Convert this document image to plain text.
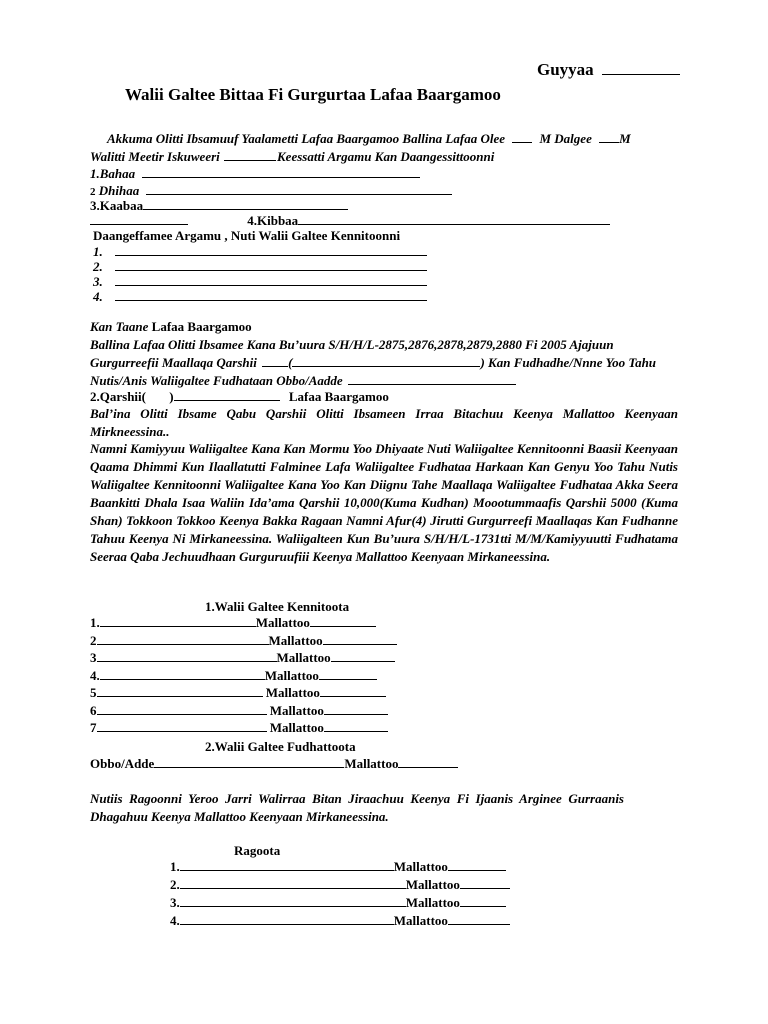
Guyyaa
Walii Galtee Bittaa Fi Gurgurtaa Lafaa Baargamoo
Akkuma Olitti Ibsamuuf Yaalametti Lafaa Baargamoo Ballina Lafaa Olee	M Dalgee M
Walitti Meetir Iskuweeri	Keessatti Argamu Kan Daangessittoonni
1.Bahaa
2 Dhihaa
3.Kaabaa
4.Kibbaa
Daangeffamee Argamu , Nuti Walii Galtee Kennitoonni
1.
2.
3.
4.
Kan Taane Lafaa Baargamoo
Ballina Lafaa Olitti Ibsamee Kana Bu’uura S/H/H/L-2875,2876,2878,2879,2880 Fi 2005 Ajajuun
Gurgurreefii Maallaqa Qarshii (	) Kan Fudhadhe/Nnne Yoo Tahu
Nutis/Anis Waliigaltee Fudhataan Obbo/Aadde
2.Qarshii( )	Lafaa Baargamoo
Bal’ina Olitti Ibsame Qabu Qarshii Olitti Ibsameen Irraa Bitachuu Keenya Mallattoo Keenyaan Mirkneessina..
Namni Kamiyyuu Waliigaltee Kana Kan Mormu Yoo Dhiyaate Nuti Waliigaltee Kennitoonni Baasii Keenyaan Qaama Dhimmi Kun Ilaallatutti Falminee Lafa Waliigaltee Fudhataa Harkaan Kan Genyu Yoo Tahu Nutis Waliigaltee Kennitoonni Waliigaltee Kana Yoo Kan Diignu Tahe Maallaqa Waliigaltee Fudhataa Akka Seera Baankitti Dhala Isaa Waliin Ida’ama Qarshii 10,000(Kuma Kudhan) Moootummaafis Qarshii 5000 (Kuma Shan) Tokkoon Tokkoo Keenya Bakka Ragaan Namni Afur(4) Jirutti Gurgurreefi Maallaqas Kan Fudhanne Tahuu Keenya Ni Mirkaneessina. Waliigalteen Kun Bu’uura S/H/H/L-1731tti M/M/Kamiyyuutti Fudhatama Seeraa Qaba Jechuudhaan Gurguruufiii Keenya Mallattoo Keenyaan Mirkaneessina.
1.Walii Galtee Kennitoota
1.	Mallattoo
2	Mallattoo
3	Mallattoo
4.	Mallattoo
5	Mallattoo
6	Mallattoo
7	Mallattoo
2.Walii Galtee Fudhattoota
Obbo/Adde	Mallattoo
Nutiis Ragoonni Yeroo Jarri Walirraa Bitan Jiraachuu Keenya Fi Ijaanis Arginee Gurraanis
Dhagahuu Keenya Mallattoo Keenyaan Mirkaneessina.
Ragoota
1.	Mallattoo
2.	Mallattoo
3.	Mallattoo
4.	Mallattoo
